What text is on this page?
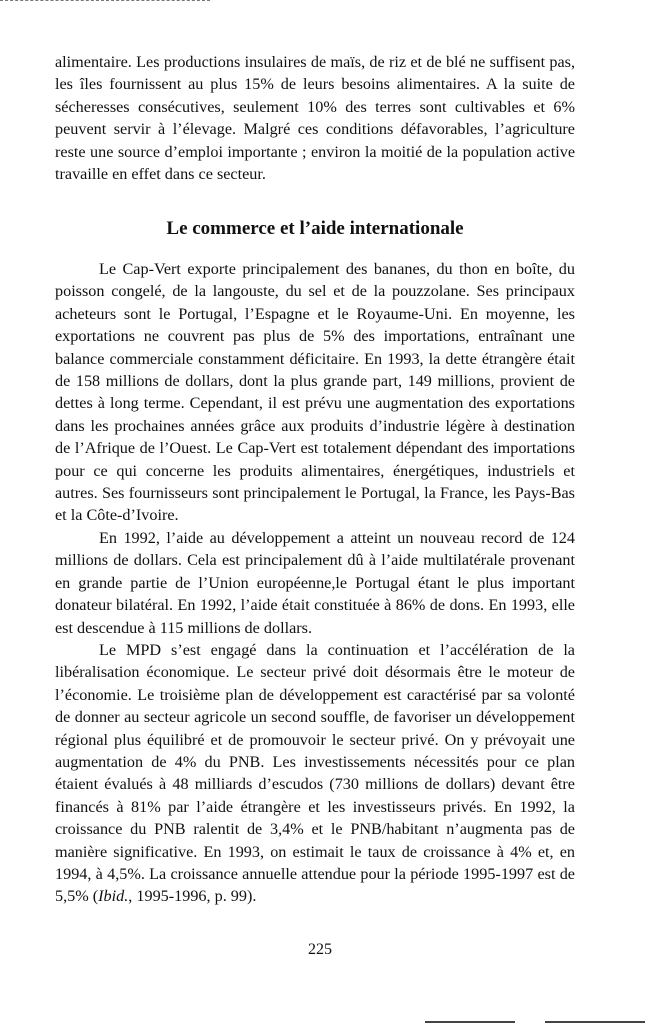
alimentaire. Les productions insulaires de maïs, de riz et de blé ne suffisent pas, les îles fournissent au plus 15% de leurs besoins alimentaires. A la suite de sécheresses consécutives, seulement 10% des terres sont cultivables et 6% peuvent servir à l’élevage. Malgré ces conditions défavorables, l’agriculture reste une source d’emploi importante ; environ la moitié de la population active travaille en effet dans ce secteur.

Le commerce et l’aide internationale

Le Cap-Vert exporte principalement des bananes, du thon en boîte, du poisson congelé, de la langouste, du sel et de la pouzzolane. Ses principaux acheteurs sont le Portugal, l’Espagne et le Royaume-Uni. En moyenne, les exportations ne couvrent pas plus de 5% des importations, entraînant une balance commerciale constamment déficitaire. En 1993, la dette étrangère était de 158 millions de dollars, dont la plus grande part, 149 millions, provient de dettes à long terme. Cependant, il est prévu une augmentation des exportations dans les prochaines années grâce aux produits d’industrie légère à destination de l’Afrique de l’Ouest. Le Cap-Vert est totalement dépendant des importations pour ce qui concerne les produits alimentaires, énergétiques, industriels et autres. Ses fournisseurs sont principalement le Portugal, la France, les Pays-Bas et la Côte-d’Ivoire.

En 1992, l’aide au développement a atteint un nouveau record de 124 millions de dollars. Cela est principalement dû à l’aide multilatérale provenant en grande partie de l’Union européenne,le Portugal étant le plus important donateur bilatéral. En 1992, l’aide était constituée à 86% de dons. En 1993, elle est descendue à 115 millions de dollars.

Le MPD s’est engagé dans la continuation et l’accélération de la libéralisation économique. Le secteur privé doit désormais être le moteur de l’économie. Le troisième plan de développement est caractérisé par sa volonté de donner au secteur agricole un second souffle, de favoriser un développement régional plus équilibré et de promouvoir le secteur privé. On y prévoyait une augmentation de 4% du PNB. Les investissements nécessités pour ce plan étaient évalués à 48 milliards d’escudos (730 millions de dollars) devant être financés à 81% par l’aide étrangère et les investisseurs privés. En 1992, la croissance du PNB ralentit de 3,4% et le PNB/habitant n’augmenta pas de manière significative. En 1993, on estimait le taux de croissance à 4% et, en 1994, à 4,5%. La croissance annuelle attendue pour la période 1995-1997 est de 5,5% (Ibid., 1995-1996, p. 99).

225
